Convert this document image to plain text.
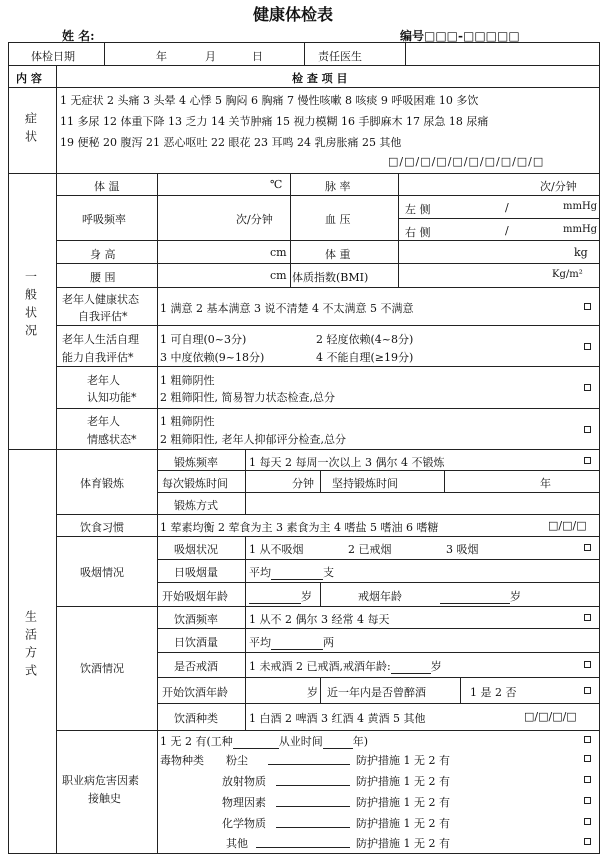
健康体检表
姓 名:	编号□□□-□□□□□
体检日期	年	月	日	责任医生
内 容	检 查 项 目
症状
1 无症状 2 头痛 3 头晕 4 心悸 5 胸闷 6 胸痛 7 慢性咳嗽 8 咳痰 9 呼吸困难 10 多饮
11 多尿 12 体重下降 13 乏力 14 关节肿痛 15 视力模糊 16 手脚麻木 17 尿急 18 尿痛
19 便秘 20 腹泻 21 恶心呕吐 22 眼花 23 耳鸣 24 乳房胀痛 25 其他
□/□/□/□/□/□/□/□/□/□
一般状况
体 温	℃	脉 率	次/分钟
呼吸频率	次/分钟	血 压
左 侧	/	mmHg
右 侧	/	mmHg
身 高	cm	体 重	kg
腰 围	cm 体质指数(BMI)	Kg/m²
老年人健康状态
自我评估*
1 满意 2 基本满意 3 说不清楚 4 不太满意 5 不满意
老年人生活自理
能力自我评估*
1 可自理(0~3分)	2 轻度依赖(4~8分)
3 中度依赖(9~18分)	4 不能自理(≥19分)
老年人
认知功能*
1 粗筛阴性
2 粗筛阳性, 简易智力状态检查,总分
老年人
情感状态*
1 粗筛阴性
2 粗筛阳性, 老年人抑郁评分检查,总分
生活方式
体育锻炼
锻炼频率	1 每天 2 每周一次以上 3 偶尔 4 不锻炼
每次锻炼时间	分钟 坚持锻炼时间	年
锻炼方式
饮食习惯	1 荤素均衡 2 荤食为主 3 素食为主 4 嗜盐 5 嗜油 6 嗜糖	□/□/□
吸烟情况
吸烟状况	1 从不吸烟	2 已戒烟	3 吸烟
日吸烟量	平均	支
开始吸烟年龄	岁	戒烟年龄	岁
饮酒情况
饮酒频率	1 从不 2 偶尔 3 经常 4 每天
日饮酒量	平均	两
是否戒酒	1 未戒酒 2 已戒酒,戒酒年龄:	岁
开始饮酒年龄	岁 近一年内是否曾醉酒	1 是 2 否
饮酒种类	1 白酒 2 啤酒 3 红酒 4 黄酒 5 其他	□/□/□/□
职业病危害因素
接触史
1 无 2 有(工种	从业时间	年)
毒物种类 粉尘	防护措施 1 无 2 有
放射物质	防护措施 1 无 2 有
物理因素	防护措施 1 无 2 有
化学物质	防护措施 1 无 2 有
其他	防护措施 1 无 2 有
